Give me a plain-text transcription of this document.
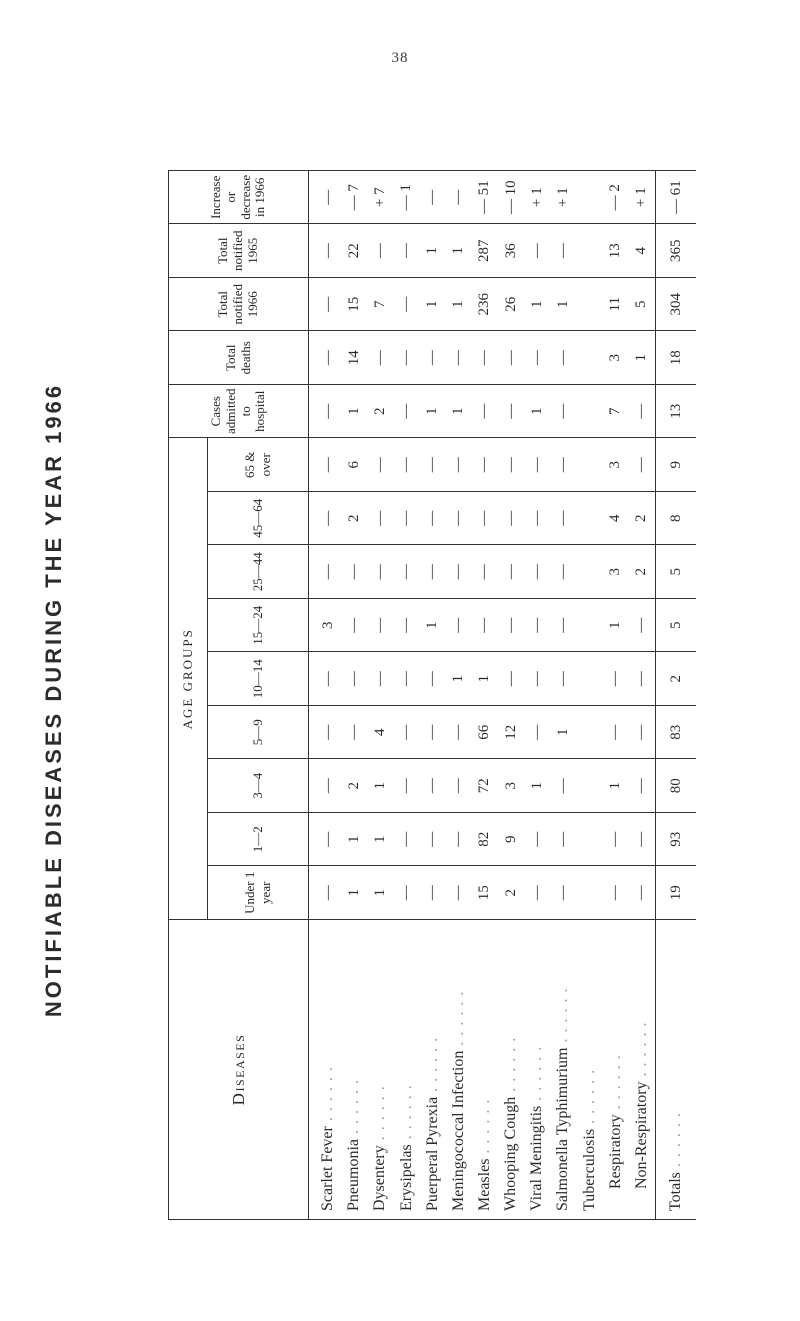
38
NOTIFIABLE DISEASES DURING THE YEAR 1966
Diseases	AGE GROUPS									Cases admitted to hospital	Total deaths	Total notified 1966	Total notified 1965	Increase or decrease in 1966
	Under 1 year	1—2	3—4	5—9	10—14	15—24	25—44	45—64	65 & over					
Scarlet Fever . . . . . .	—	—	—	—	—	3	—	—	—	—	—	—	—	—
Pneumonia . . . . . .	1	1	2	—	—	—	—	2	6	1	14	15	22	— 7
Dysentery . . . . . .	1	1	1	4	—	—	—	—	—	2	—	7	—	+ 7
Erysipelas . . . . . .	—	—	—	—	—	—	—	—	—	—	—	—	—	— 1
Puerperal Pyrexia . . . . . .	—	—	—	—	—	1	—	—	—	1	—	1	1	—
Meningococcal Infection . . . . . .	—	—	—	—	1	—	—	—	—	1	—	1	1	—
Measles . . . . . .	15	82	72	66	1	—	—	—	—	—	—	236	287	— 51
Whooping Cough . . . . . .	2	9	3	12	—	—	—	—	—	—	—	26	36	— 10
Viral Meningitis . . . . . .	—	—	1	—	—	—	—	—	—	1	—	1	—	+ 1
Salmonella Typhimurium . . . . . .	—	—	—	1	—	—	—	—	—	—	—	1	—	+ 1
Tuberculosis . . . . . .														
Respiratory . . . . . .	—	—	1	—	—	1	3	4	3	7	3	11	13	— 2
Non-Respiratory . . . . . .	—	—	—	—	—	—	2	2	—	—	1	5	4	+ 1
Totals . . . . . .	19	93	80	83	2	5	5	8	9	13	18	304	365	— 61
